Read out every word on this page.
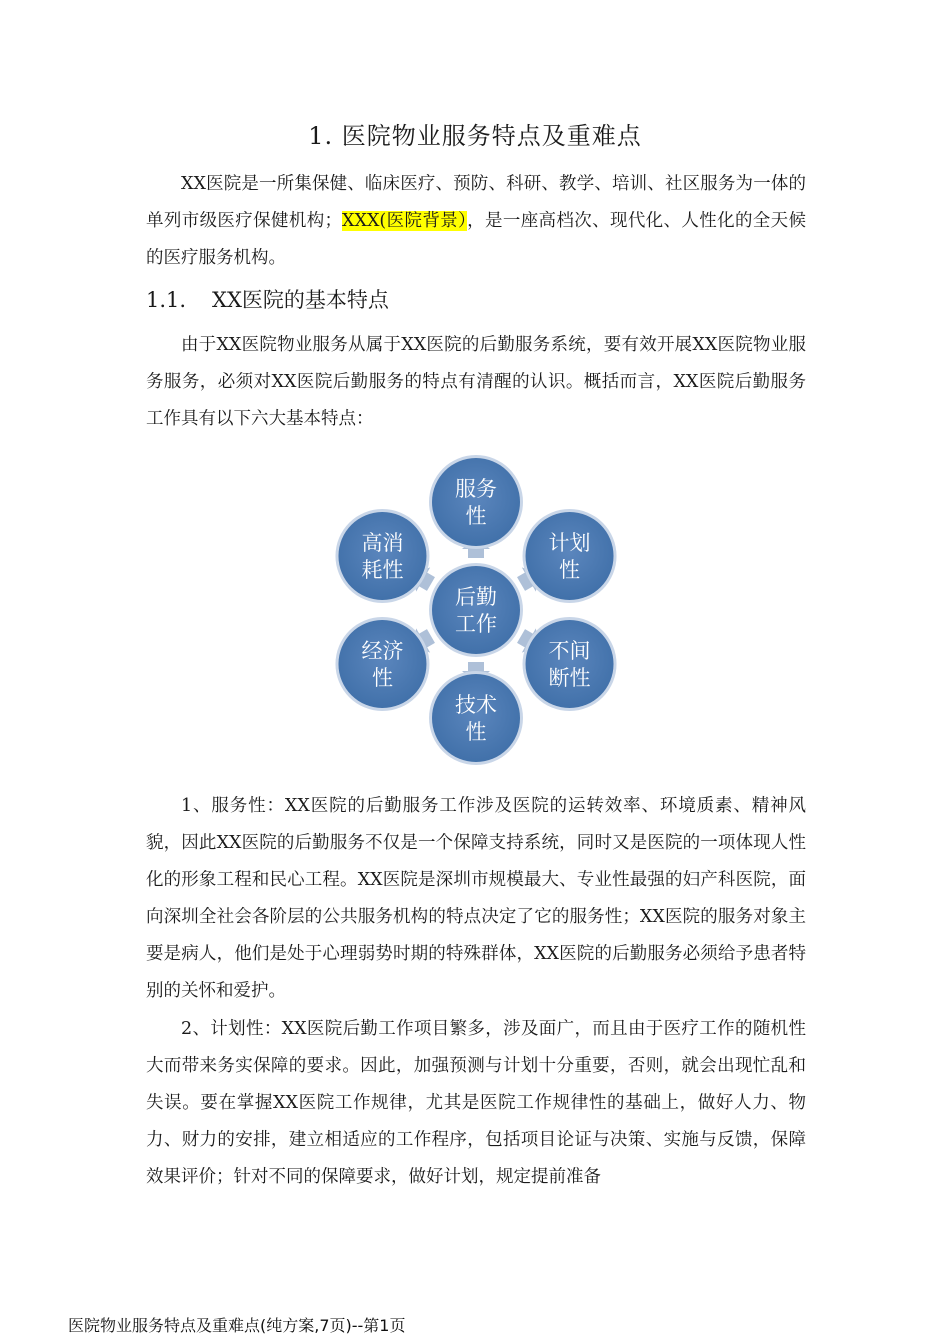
1. 医院物业服务特点及重难点
XX医院是一所集保健、临床医疗、预防、科研、教学、培训、社区服务为一体的单列市级医疗保健机构；XXX(医院背景），是一座高档次、现代化、人性化的全天候的医疗服务机构。
1.1. XX医院的基本特点
由于XX医院物业服务从属于XX医院的后勤服务系统，要有效开展XX医院物业服务服务，必须对XX医院后勤服务的特点有清醒的认识。概括而言，XX医院后勤服务工作具有以下六大基本特点：
后勤
工作
服务
性
计划
性
不间
断性
技术
性
经济
性
高消
耗性
1、服务性：XX医院的后勤服务工作涉及医院的运转效率、环境质素、精神风貌，因此XX医院的后勤服务不仅是一个保障支持系统，同时又是医院的一项体现人性化的形象工程和民心工程。XX医院是深圳市规模最大、专业性最强的妇产科医院，面向深圳全社会各阶层的公共服务机构的特点决定了它的服务性；XX医院的服务对象主要是病人，他们是处于心理弱势时期的特殊群体，XX医院的后勤服务必须给予患者特别的关怀和爱护。
2、计划性：XX医院后勤工作项目繁多，涉及面广，而且由于医疗工作的随机性大而带来务实保障的要求。因此，加强预测与计划十分重要，否则，就会出现忙乱和失误。要在掌握XX医院工作规律，尤其是医院工作规律性的基础上，做好人力、物力、财力的安排，建立相适应的工作程序，包括项目论证与决策、实施与反馈，保障效果评价；针对不同的保障要求，做好计划，规定提前准备
医院物业服务特点及重难点(纯方案,7页)--第1页
